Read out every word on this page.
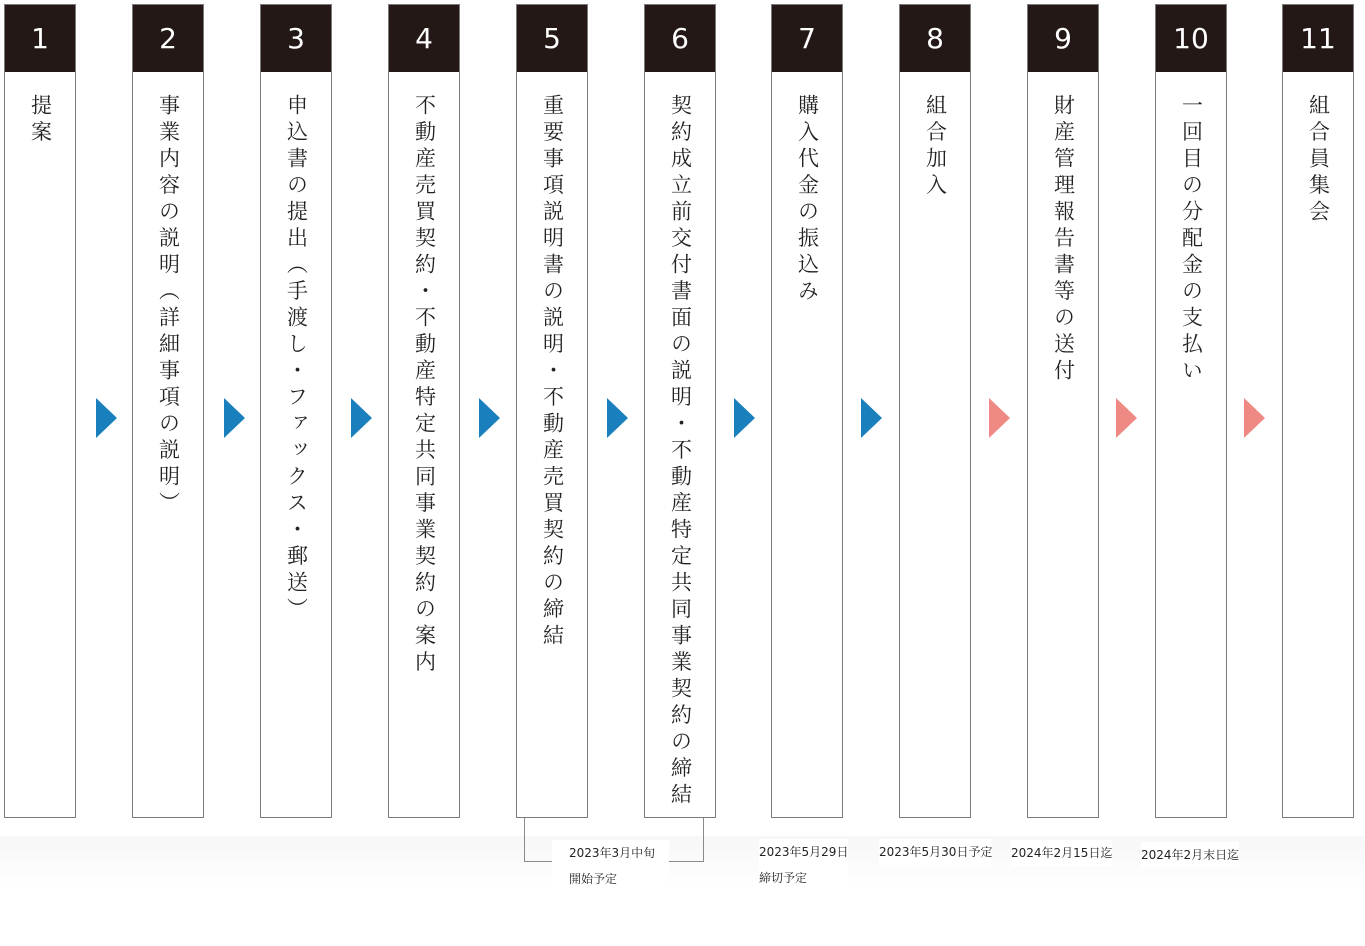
1
提案
2
事業内容の説明（詳細事項の説明）
3
申込書の提出（手渡し・ファックス・郵送）
4
不動産売買契約・不動産特定共同事業契約の案内
5
重要事項説明書の説明・不動産売買契約の締結
6
契約成立前交付書面の説明・不動産特定共同事業契約の締結
7
購入代金の振込み
8
組合加入
9
財産管理報告書等の送付
10
一回目の分配金の支払い
11
組合員集会
2023年3月中旬
開始予定
2023年5月29日
締切予定
2023年5月30日予定 2024年2月15日迄 2024年2月末日迄
